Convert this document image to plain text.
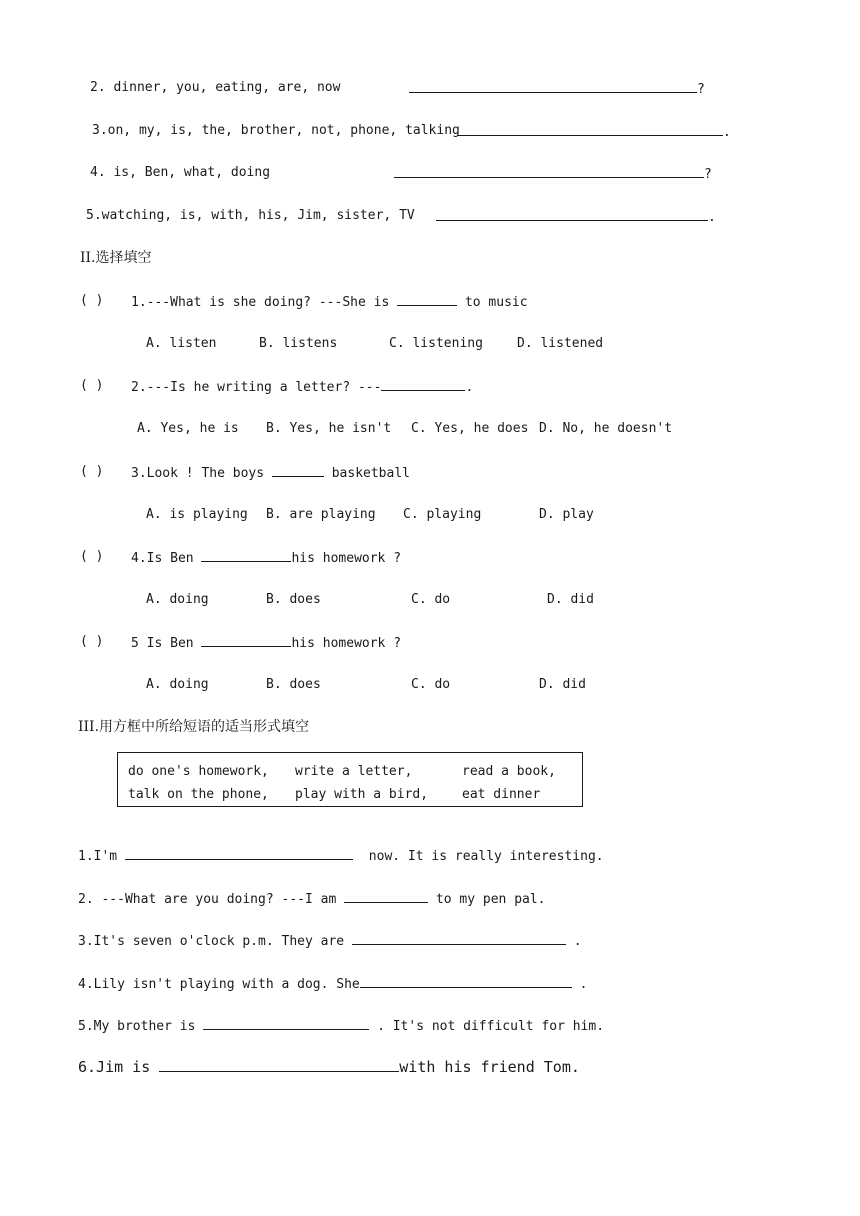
2. dinner, you, eating, are, now	?
3.on, my, is, the, brother, not, phone, talking	.
4. is, Ben, what, doing	?
5.watching, is, with, his, Jim, sister, TV	.
II.选择填空
( ) 1.---What is she doing? ---She is	to music
A. listen	B. listens	C. listening	D. listened
( ) 2.---Is he writing a letter? ---	.
A. Yes, he is B. Yes, he isn't C. Yes, he does D. No, he doesn't
( ) 3.Look ! The boys	basketball
A. is playing B. are playing C. playing	D. play
( ) 4.Is Ben	his homework ?
A. doing	B. does	C. do	D. did
( ) 5 Is Ben	his homework ?
A. doing	B. does	C. do	D. did
III.用方框中所给短语的适当形式填空
do one's homework, write a letter,	read a book,
talk on the phone, play with a bird,	eat dinner
1.I'm	now. It is really interesting.
2. ---What are you doing? ---I am	to my pen pal.
3.It's seven o'clock p.m. They are	.
4.Lily isn't playing with a dog. She	.
5.My brother is	. It's not difficult for him.
6.Jim is	with his friend Tom.
